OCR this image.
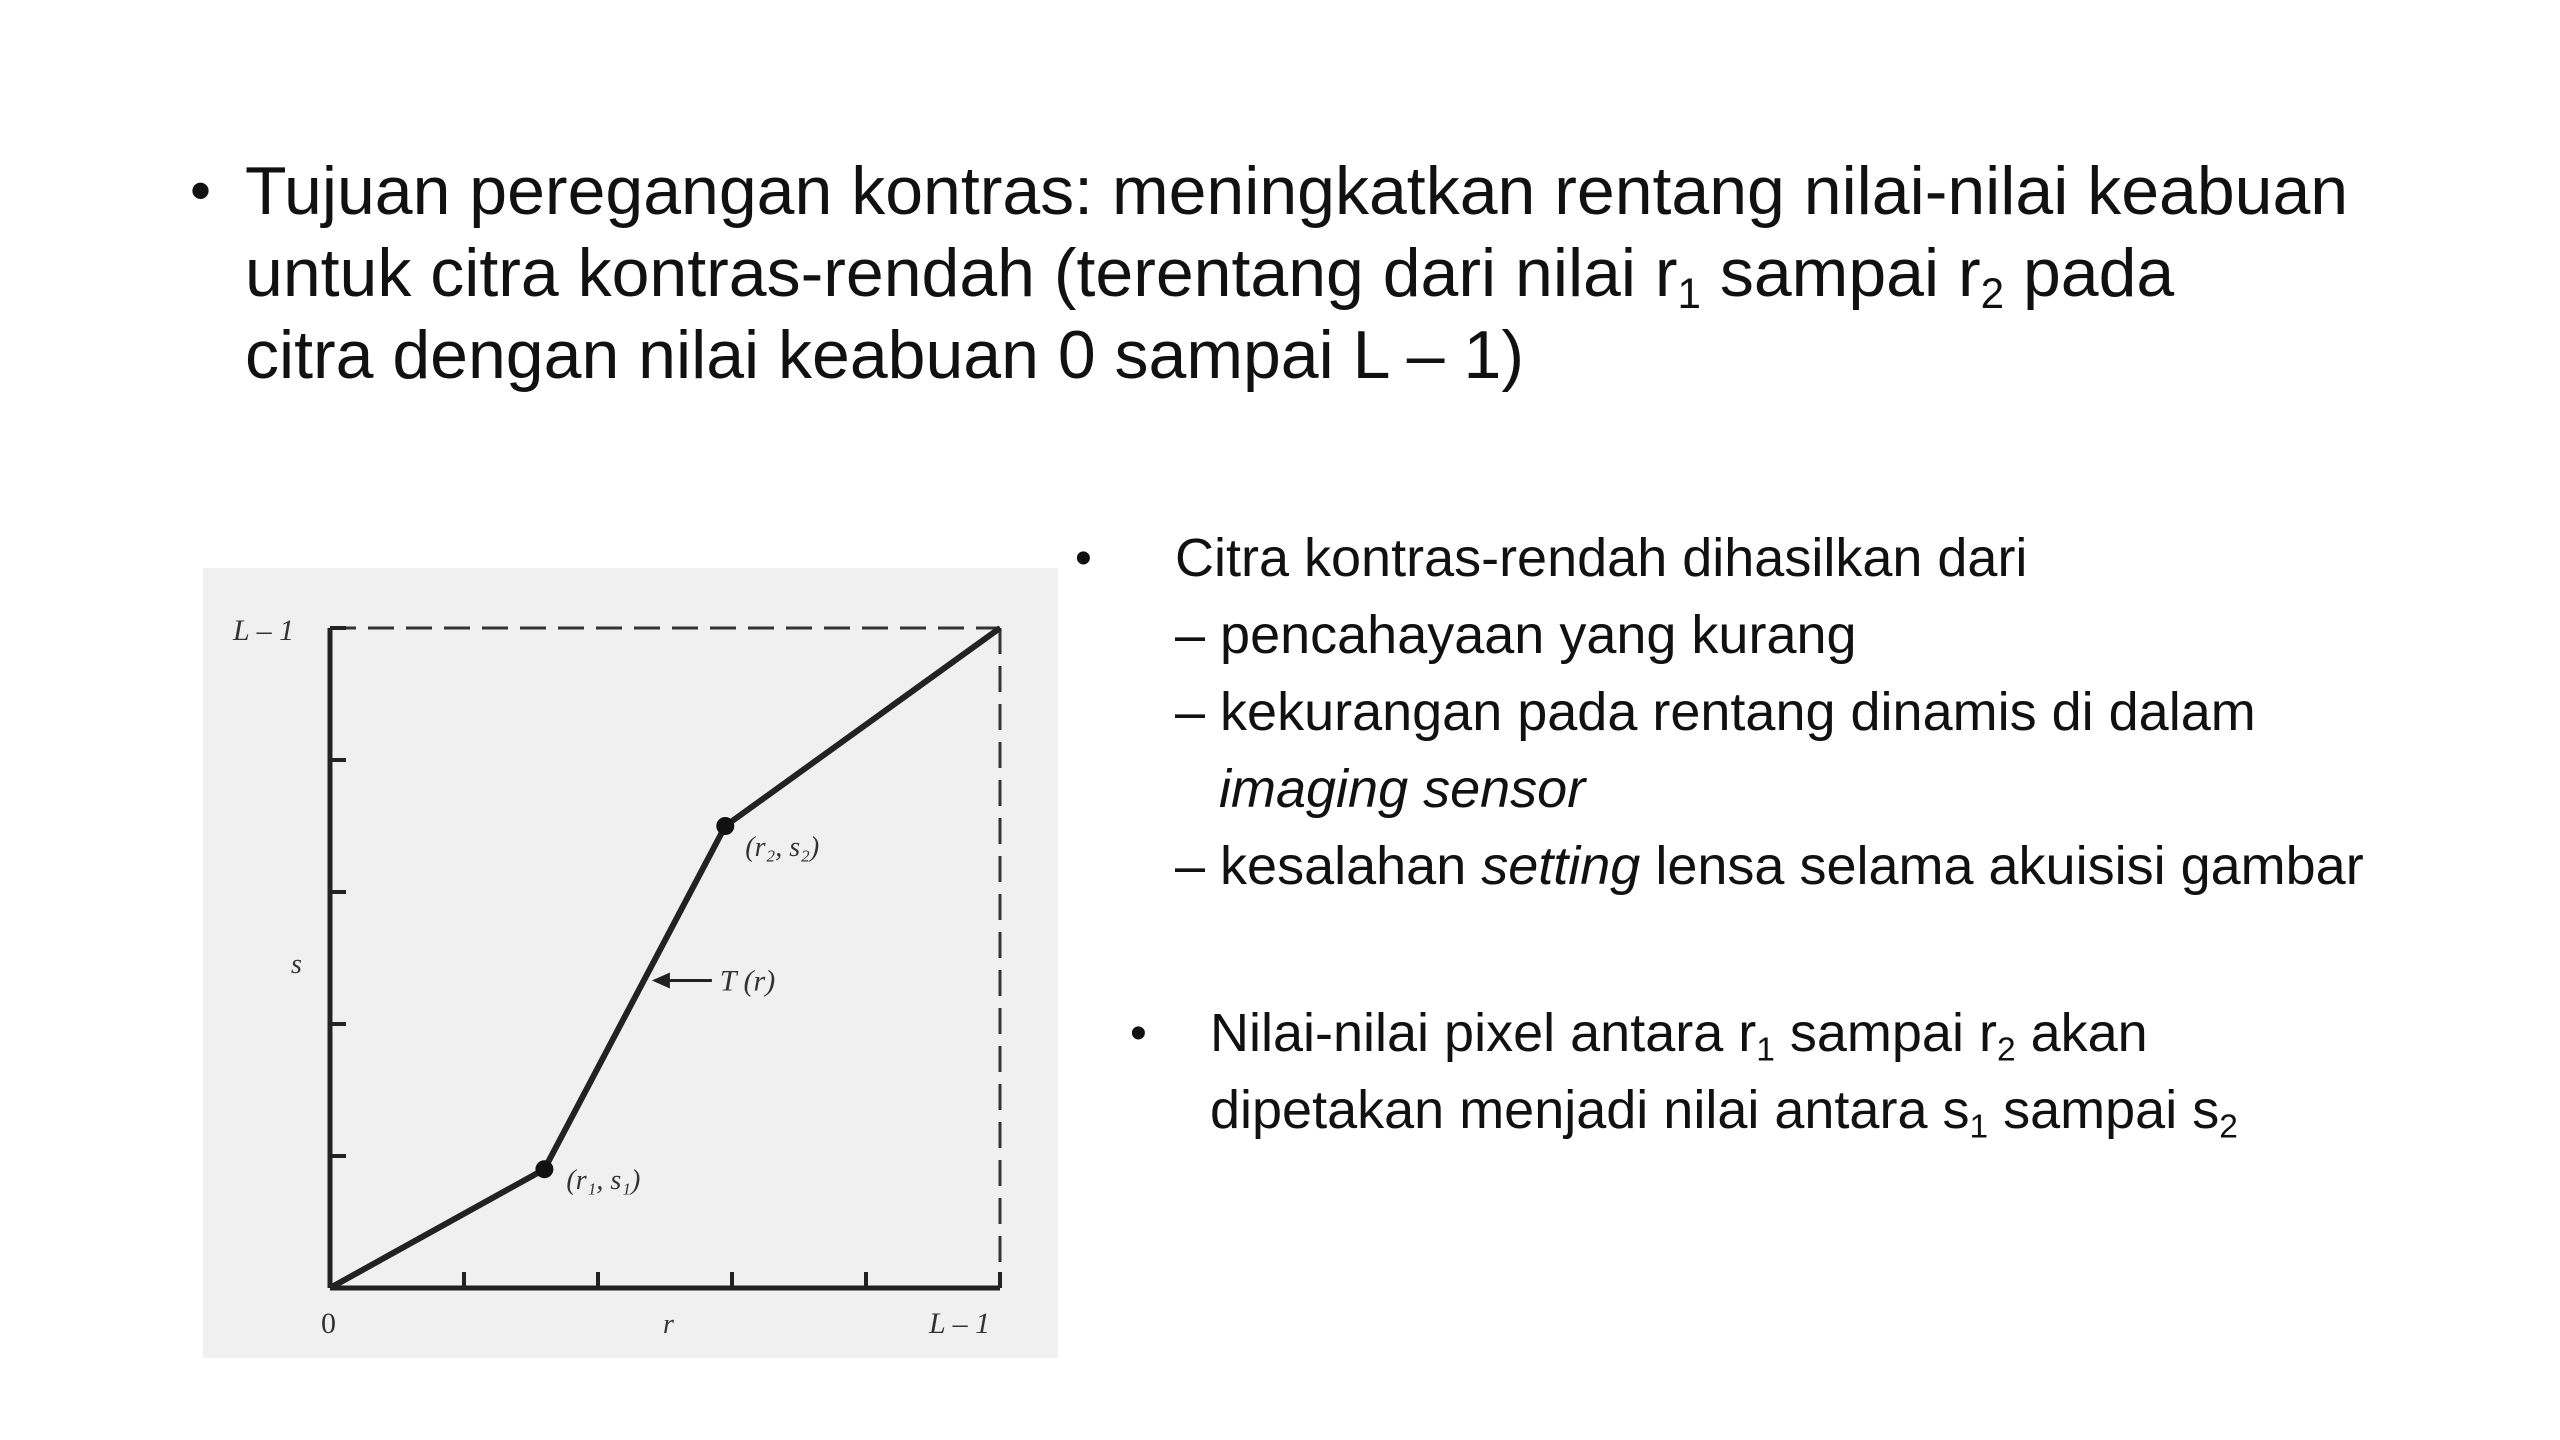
• Tujuan peregangan kontras: meningkatkan rentang nilai-nilai keabuan
untuk citra kontras-rendah (terentang dari nilai $r_1$ sampai $r_2$ pada
citra dengan nilai keabuan 0 sampai L – 1)
L – 1
s
0	r	L – 1
(r₁, s₁)
(r₂, s₂)
T (r)
• Citra kontras-rendah dihasilkan dari
– pencahayaan yang kurang
– kekurangan pada rentang dinamis di dalam
imaging sensor
– kesalahan setting lensa selama akuisisi gambar
• Nilai-nilai pixel antara $r_1$ sampai $r_2$ akan
dipetakan menjadi nilai antara $s_1$ sampai $s_2$
